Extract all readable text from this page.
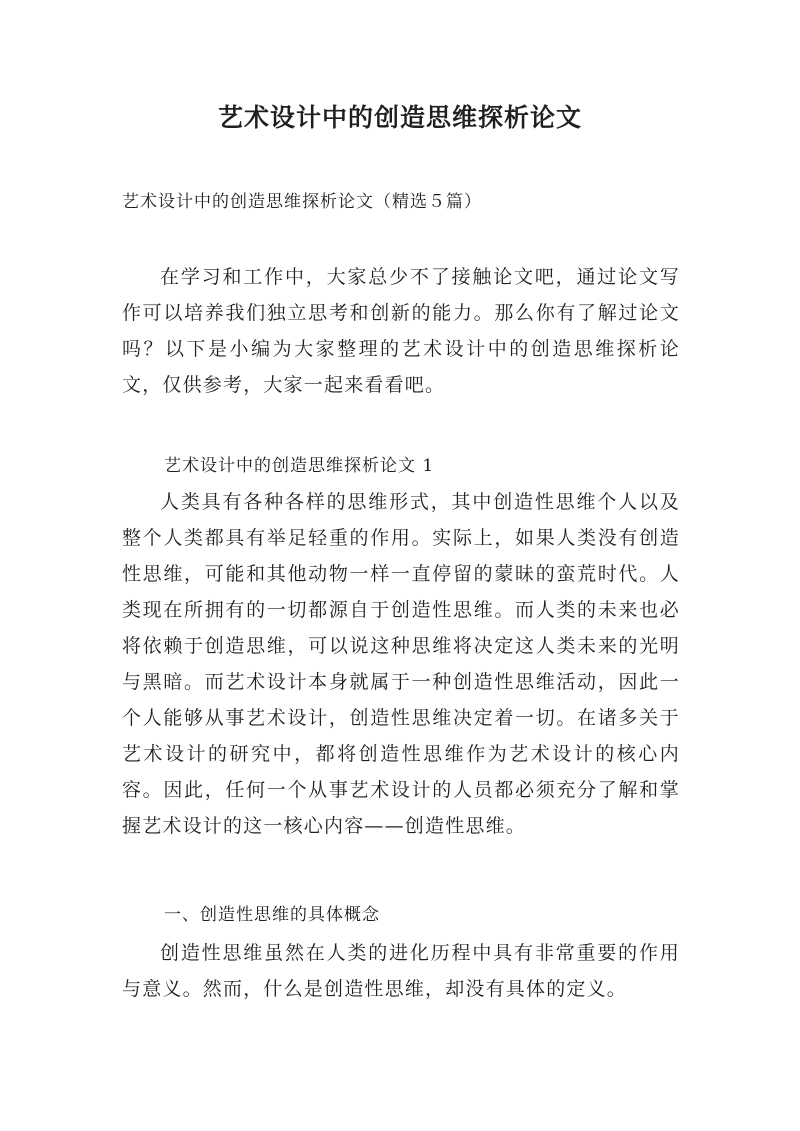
艺术设计中的创造思维探析论文
艺术设计中的创造思维探析论文（精选５篇）
在学习和工作中，大家总少不了接触论文吧，通过论文写作可以培养我们独立思考和创新的能力。那么你有了解过论文吗？以下是小编为大家整理的艺术设计中的创造思维探析论文，仅供参考，大家一起来看看吧。
艺术设计中的创造思维探析论文 1
人类具有各种各样的思维形式，其中创造性思维个人以及整个人类都具有举足轻重的作用。实际上，如果人类没有创造性思维，可能和其他动物一样一直停留的蒙昧的蛮荒时代。人类现在所拥有的一切都源自于创造性思维。而人类的未来也必将依赖于创造思维，可以说这种思维将决定这人类未来的光明与黑暗。而艺术设计本身就属于一种创造性思维活动，因此一个人能够从事艺术设计，创造性思维决定着一切。在诸多关于艺术设计的研究中，都将创造性思维作为艺术设计的核心内容。因此，任何一个从事艺术设计的人员都必须充分了解和掌握艺术设计的这一核心内容——创造性思维。
一、创造性思维的具体概念
创造性思维虽然在人类的进化历程中具有非常重要的作用与意义。然而，什么是创造性思维，却没有具体的定义。
